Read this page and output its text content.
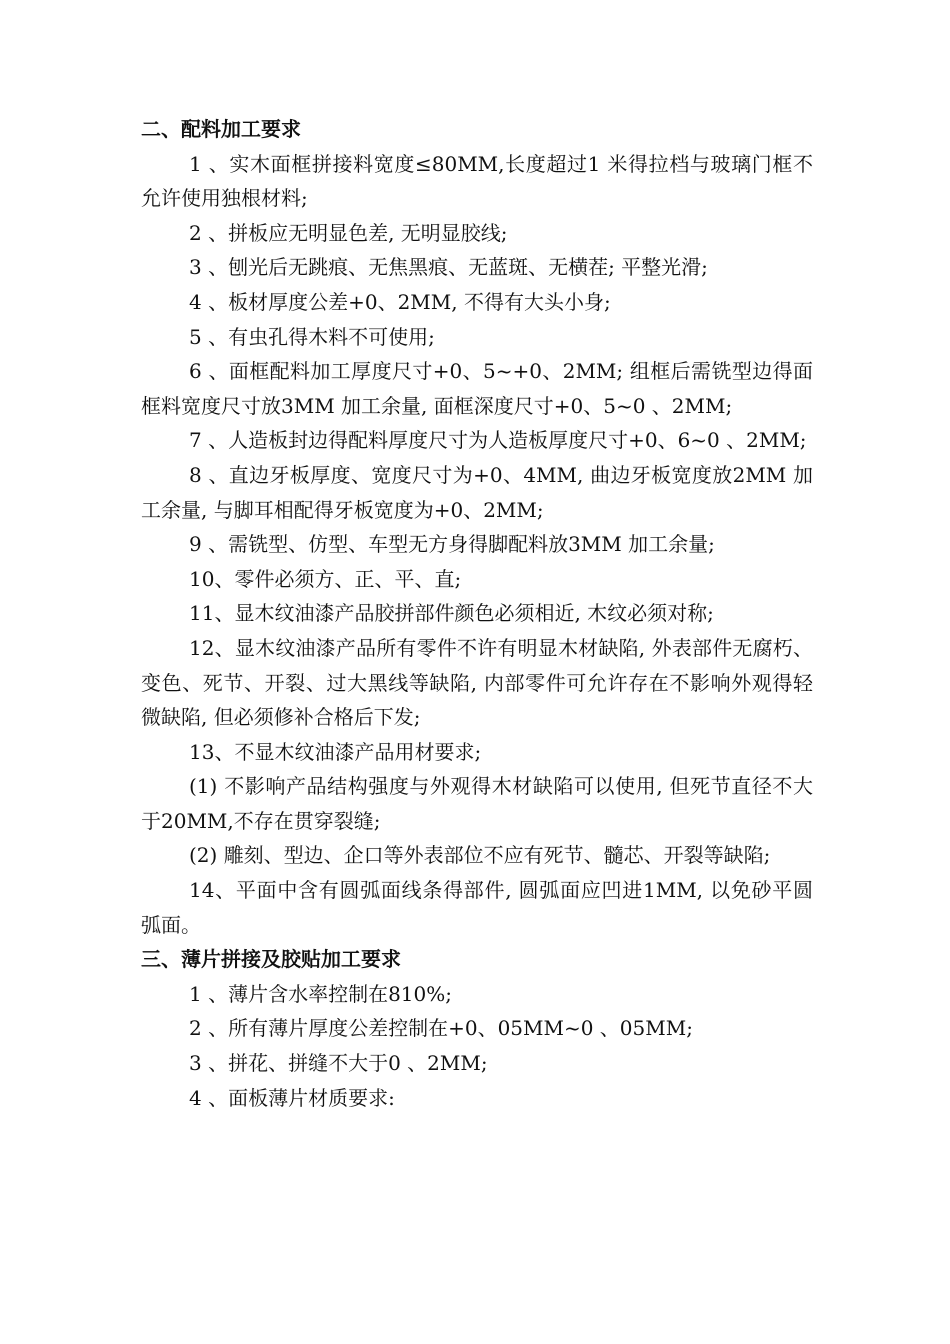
二、配料加工要求

1 、实木面框拼接料宽度≤80MM,长度超过1 米得拉档与玻璃门框不允许使用独根材料;

2 、拼板应无明显色差, 无明显胶线;

3 、刨光后无跳痕、无焦黑痕、无蓝斑、无横茬; 平整光滑;

4 、板材厚度公差+0、2MM, 不得有大头小身;

5 、有虫孔得木料不可使用;

6 、面框配料加工厚度尺寸+0、5~+0、2MM; 组框后需铣型边得面框料宽度尺寸放3MM 加工余量, 面框深度尺寸+0、5~0 、2MM;

7 、人造板封边得配料厚度尺寸为人造板厚度尺寸+0、6~0 、2MM;

8 、直边牙板厚度、宽度尺寸为+0、4MM, 曲边牙板宽度放2MM 加工余量, 与脚耳相配得牙板宽度为+0、2MM;

9 、需铣型、仿型、车型无方身得脚配料放3MM 加工余量;

10、零件必须方、正、平、直;

11、显木纹油漆产品胶拼部件颜色必须相近, 木纹必须对称;

12、显木纹油漆产品所有零件不许有明显木材缺陷, 外表部件无腐朽、变色、死节、开裂、过大黑线等缺陷, 内部零件可允许存在不影响外观得轻微缺陷, 但必须修补合格后下发;

13、不显木纹油漆产品用材要求;

(1) 不影响产品结构强度与外观得木材缺陷可以使用, 但死节直径不大于20MM,不存在贯穿裂缝;

(2) 雕刻、型边、企口等外表部位不应有死节、髓芯、开裂等缺陷;

14、平面中含有圆弧面线条得部件, 圆弧面应凹进1MM, 以免砂平圆弧面。

三、薄片拼接及胶贴加工要求

1 、薄片含水率控制在810%;

2 、所有薄片厚度公差控制在+0、05MM~0 、05MM;

3 、拼花、拼缝不大于0 、2MM;

4 、面板薄片材质要求:
